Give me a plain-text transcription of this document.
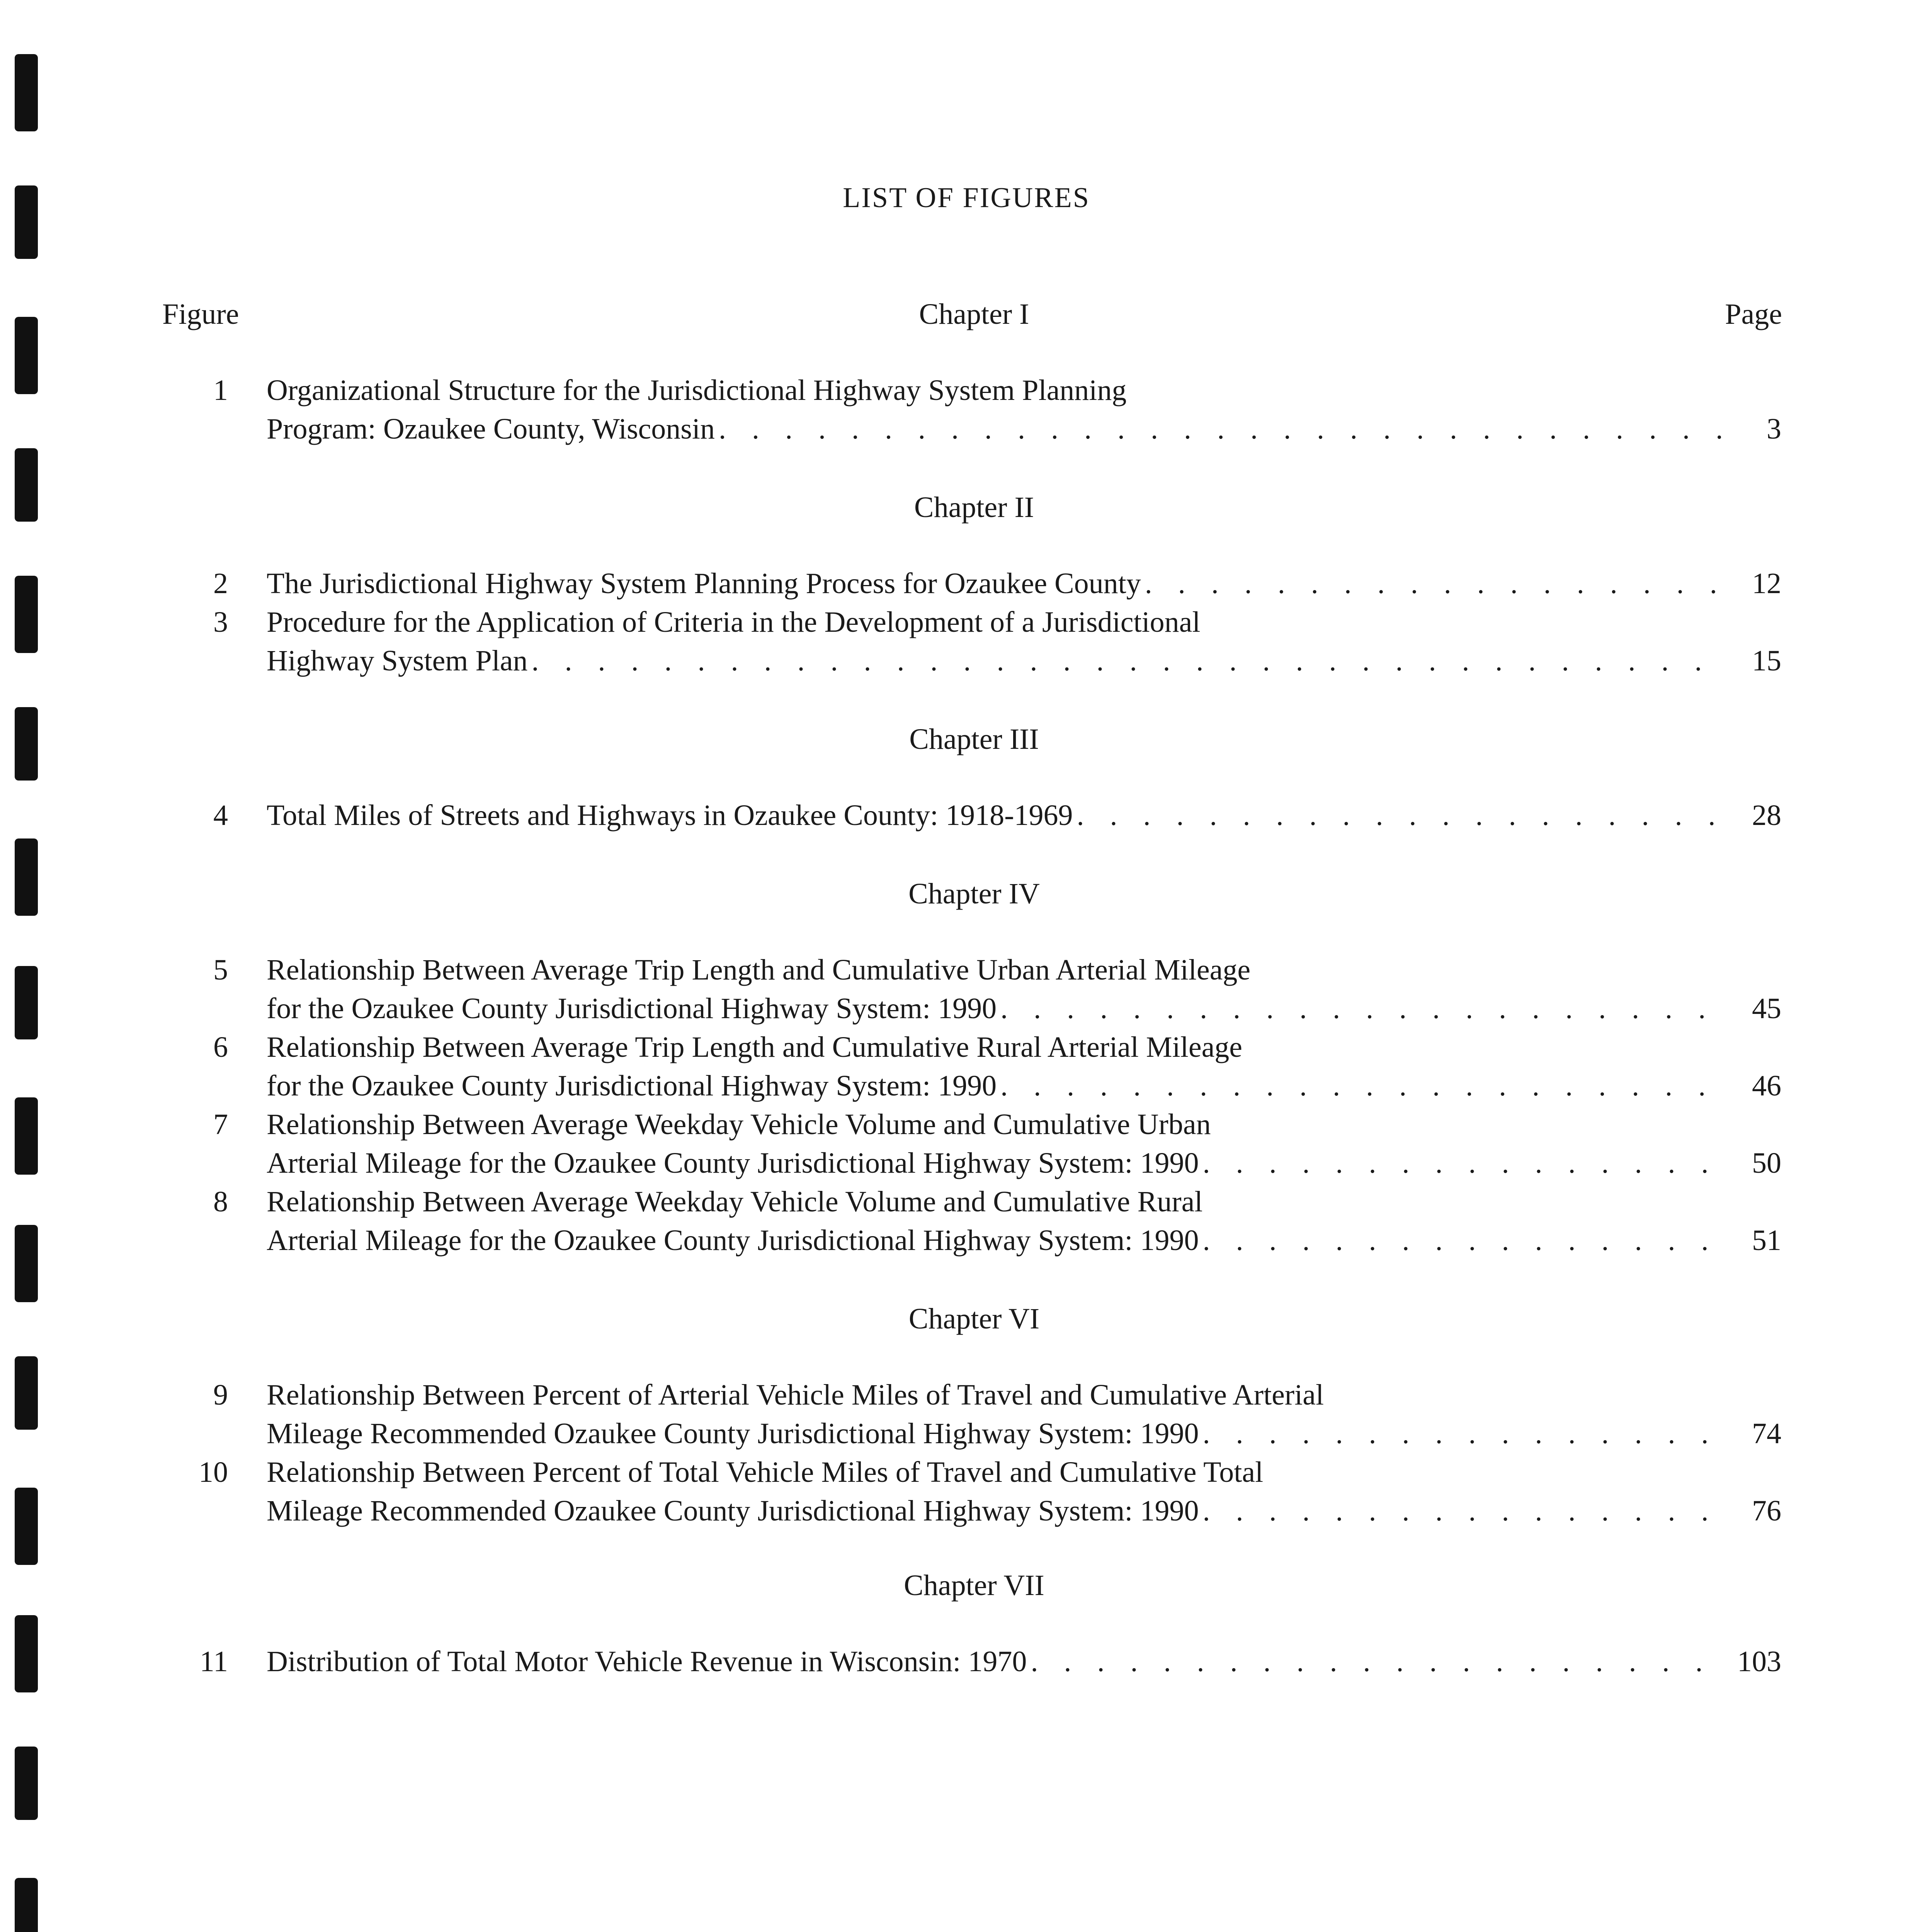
LIST OF FIGURES
Figure	Chapter I	Page
1 Organizational Structure for the Jurisdictional Highway System Planning
Program: Ozaukee County, Wisconsin . . .	3
Chapter II
2 The Jurisdictional Highway System Planning Process for Ozaukee County . . .	12
3 Procedure for the Application of Criteria in the Development of a Jurisdictional
Highway System Plan . . .	15
Chapter III
4 Total Miles of Streets and Highways in Ozaukee County: 1918-1969 . . .	28
Chapter IV
5 Relationship Between Average Trip Length and Cumulative Urban Arterial Mileage
for the Ozaukee County Jurisdictional Highway System: 1990 . . .	45
6 Relationship Between Average Trip Length and Cumulative Rural Arterial Mileage
for the Ozaukee County Jurisdictional Highway System: 1990 . . .	46
7 Relationship Between Average Weekday Vehicle Volume and Cumulative Urban
Arterial Mileage for the Ozaukee County Jurisdictional Highway System: 1990 . . .	50
8 Relationship Between Average Weekday Vehicle Volume and Cumulative Rural
Arterial Mileage for the Ozaukee County Jurisdictional Highway System: 1990 . . .	51
Chapter VI
9 Relationship Between Percent of Arterial Vehicle Miles of Travel and Cumulative Arterial
Mileage Recommended Ozaukee County Jurisdictional Highway System: 1990 . . .	74
10 Relationship Between Percent of Total Vehicle Miles of Travel and Cumulative Total
Mileage Recommended Ozaukee County Jurisdictional Highway System: 1990 . . .	76
Chapter VII
11 Distribution of Total Motor Vehicle Revenue in Wisconsin: 1970 . . .	103
